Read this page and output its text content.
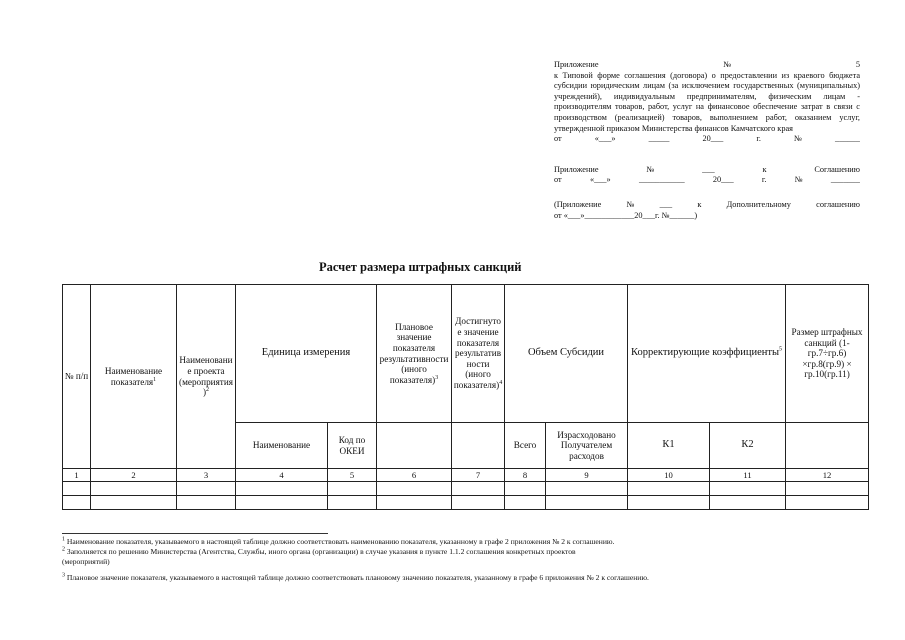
Приложение	№	5

к Типовой форме соглашения (договора) о предоставлении из краевого бюджета субсидии юридическим лицам (за исключением государственных (муниципальных) учреждений), индивидуальным предпринимателям, физическим лицам - производителям товаров, работ, услуг на финансовое обеспечение затрат в связи с производством (реализацией) товаров, выполнением работ, оказанием услуг, утвержденной приказом Министерства финансов Камчатского края

от	«___»	_____	20___	г.	№	______
Приложение	№	___	к	Соглашению
от	«___»	___________	20___	г.	№	_______
(Приложение	№	___	к	Дополнительному	соглашению

от «___»____________20___г. №______)

Расчет размера штрафных санкций
№ п/п	Наименование показателя$^1$	Наименование проекта (мероприятия)$^2$	Единица измерения		Плановое значение показателя результативности (иного показателя)$^3$	Достигнутое значение показателя результативности (иного показателя)$^4$	Объем Субсидии		Корректирующие коэффициенты$^5$		Размер штрафных санкций (1-гр.7÷гр.6) ×гр.8(гр.9) × гр.10(гр.11)
			Наименование	Код по ОКЕИ			Всего	Израсходовано Получателем расходов	К1	К2	
1	2	3	4	5	6	7	8	9	10	11	12

$^1$ Наименование показателя, указываемого в настоящей таблице должно соответствовать наименованию показателя, указанному в графе 2 приложения № 2 к соглашению.

$^2$ Заполняется по решению Министерства (Агентства, Службы, иного органа (организации) в случае указания в пункте 1.1.2 соглашения конкретных проектов

(мероприятий)

$^3$ Плановое значение показателя, указываемого в настоящей таблице должно соответствовать плановому значению показателя, указанному в графе 6 приложения № 2 к соглашению.
